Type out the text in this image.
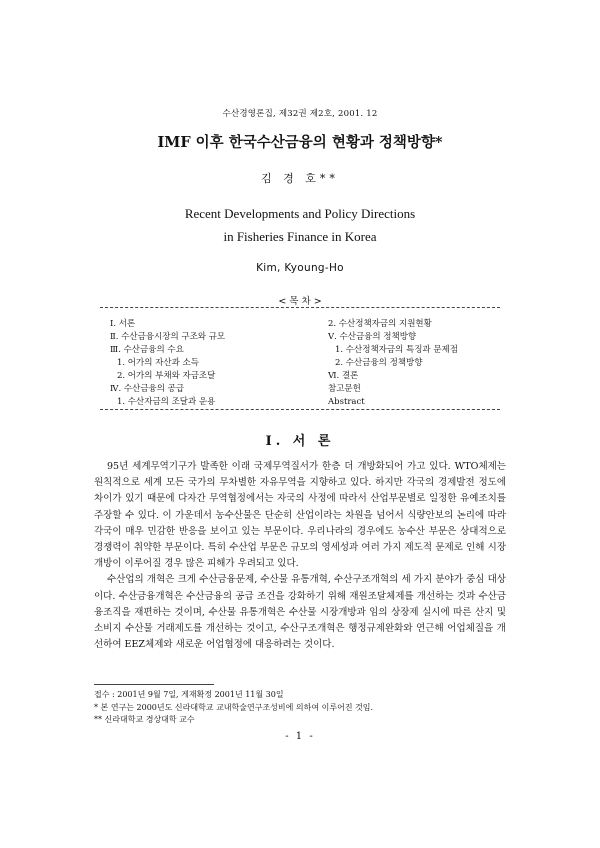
수산경영론집, 제32권 제2호, 2001. 12
IMF 이후 한국수산금융의 현황과 정책방향*
김 경 호**
Recent Developments and Policy Directions
in Fisheries Finance in Korea
Kim, Kyoung-Ho
Ⅰ. 서론
Ⅱ. 수산금융시장의 구조와 규모
Ⅲ. 수산금융의 수요
1. 어가의 자산과 소득
2. 어가의 부채와 자금조달
Ⅳ. 수산금융의 공급
1. 수산자금의 조달과 운용
2. 수산정책자금의 지원현황
Ⅴ. 수산금융의 정책방향
1. 수산정책자금의 특징과 문제점
2. 수산금융의 정책방향
Ⅵ. 결론
참고문헌
Abstract
< 목 차 >
Ⅰ. 서 론

95년 세계무역기구가 발족한 이래 국제무역질서가 한층 더 개방화되어 가고 있다. WTO체제는 원칙적으로 세계 모든 국가의 무차별한 자유무역을 지향하고 있다. 하지만 각국의 경제발전 정도에 차이가 있기 때문에 다자간 무역협정에서는 자국의 사정에 따라서 산업부문별로 일정한 유예조치를 주장할 수 있다. 이 가운데서 농수산물은 단순히 산업이라는 차원을 넘어서 식량안보의 논리에 따라 각국이 매우 민감한 반응을 보이고 있는 부문이다. 우리나라의 경우에도 농수산 부문은 상대적으로 경쟁력이 취약한 부문이다. 특히 수산업 부문은 규모의 영세성과 여러 가지 제도적 문제로 인해 시장개방이 이루어질 경우 많은 피해가 우려되고 있다.

수산업의 개혁은 크게 수산금융문제, 수산물 유통개혁, 수산구조개혁의 세 가지 분야가 중심 대상이다. 수산금융개혁은 수산금융의 공급 조건을 강화하기 위해 재원조달체제를 개선하는 것과 수산금융조직을 재편하는 것이며, 수산물 유통개혁은 수산물 시장개방과 임의 상장제 실시에 따른 산지 및 소비지 수산물 거래제도를 개선하는 것이고, 수산구조개혁은 행정규제완화와 연근해 어업체질을 개선하여 EEZ체제와 새로운 어업협정에 대응하려는 것이다.

접수 : 2001년 9월 7일, 게재확정 2001년 11월 30일
* 본 연구는 2000년도 신라대학교 교내학술연구조성비에 의하여 이루어진 것임.
** 신라대학교 경상대학 교수
- 1 -
